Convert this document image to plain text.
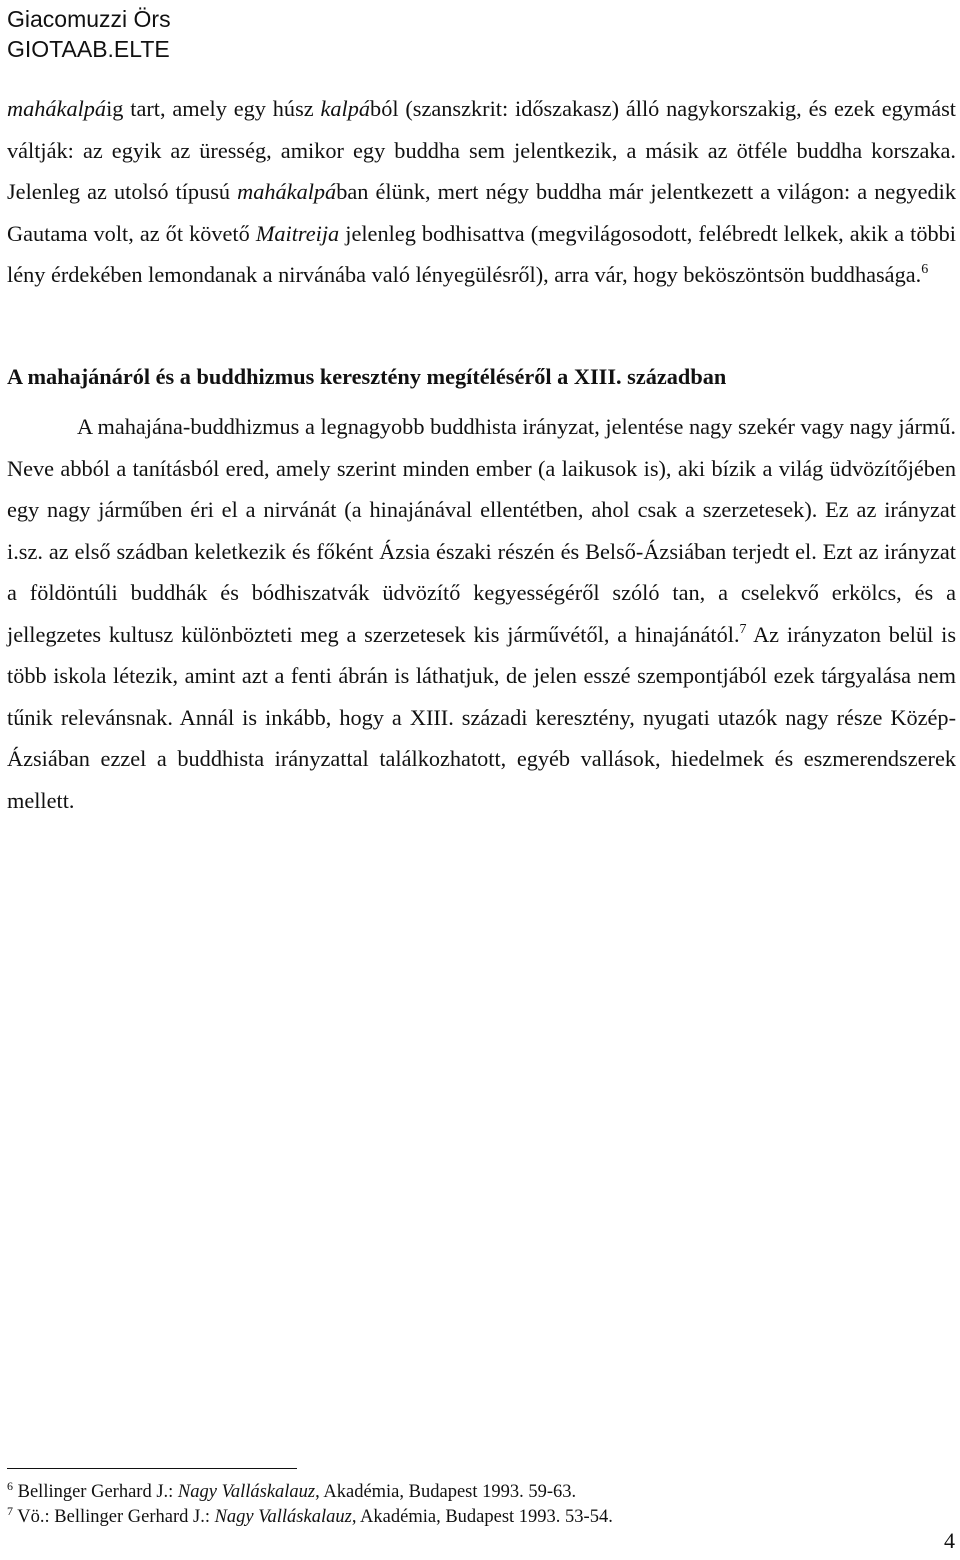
Giacomuzzi Örs
GIOTAAB.ELTE

mahákalpáig tart, amely egy húsz kalpából (szanszkrit: időszakasz) álló nagykorszakig, és ezek egymást váltják: az egyik az üresség, amikor egy buddha sem jelentkezik, a másik az ötféle buddha korszaka. Jelenleg az utolsó típusú mahákalpában élünk, mert négy buddha már jelentkezett a világon: a negyedik Gautama volt, az őt követő Maitreija jelenleg bodhisattva (megvilágosodott, felébredt lelkek, akik a többi lény érdekében lemondanak a nirvánába való lényegülésről), arra vár, hogy beköszöntsön buddhasága.$^6$

A mahajánáról és a buddhizmus keresztény megítéléséről a XIII. században

A mahajána-buddhizmus a legnagyobb buddhista irányzat, jelentése nagy szekér vagy nagy jármű. Neve abból a tanításból ered, amely szerint minden ember (a laikusok is), aki bízik a világ üdvözítőjében egy nagy járműben éri el a nirvánát (a hinajánával ellentétben, ahol csak a szerzetesek). Ez az irányzat i.sz. az első szádban keletkezik és főként Ázsia északi részén és Belső-Ázsiában terjedt el. Ezt az irányzat a földöntúli buddhák és bódhiszatvák üdvözítő kegyességéről szóló tan, a cselekvő erkölcs, és a jellegzetes kultusz különbözteti meg a szerzetesek kis járművétől, a hinajánától.$^7$ Az irányzaton belül is több iskola létezik, amint azt a fenti ábrán is láthatjuk, de jelen esszé szempontjából ezek tárgyalása nem tűnik relevánsnak. Annál is inkább, hogy a XIII. századi keresztény, nyugati utazók nagy része Közép-Ázsiában ezzel a buddhista irányzattal találkozhatott, egyéb vallások, hiedelmek és eszmerendszerek mellett.

$^6$ Bellinger Gerhard J.: Nagy Valláskalauz, Akadémia, Budapest 1993. 59-63.
$^7$ Vö.: Bellinger Gerhard J.: Nagy Valláskalauz, Akadémia, Budapest 1993. 53-54.
4
